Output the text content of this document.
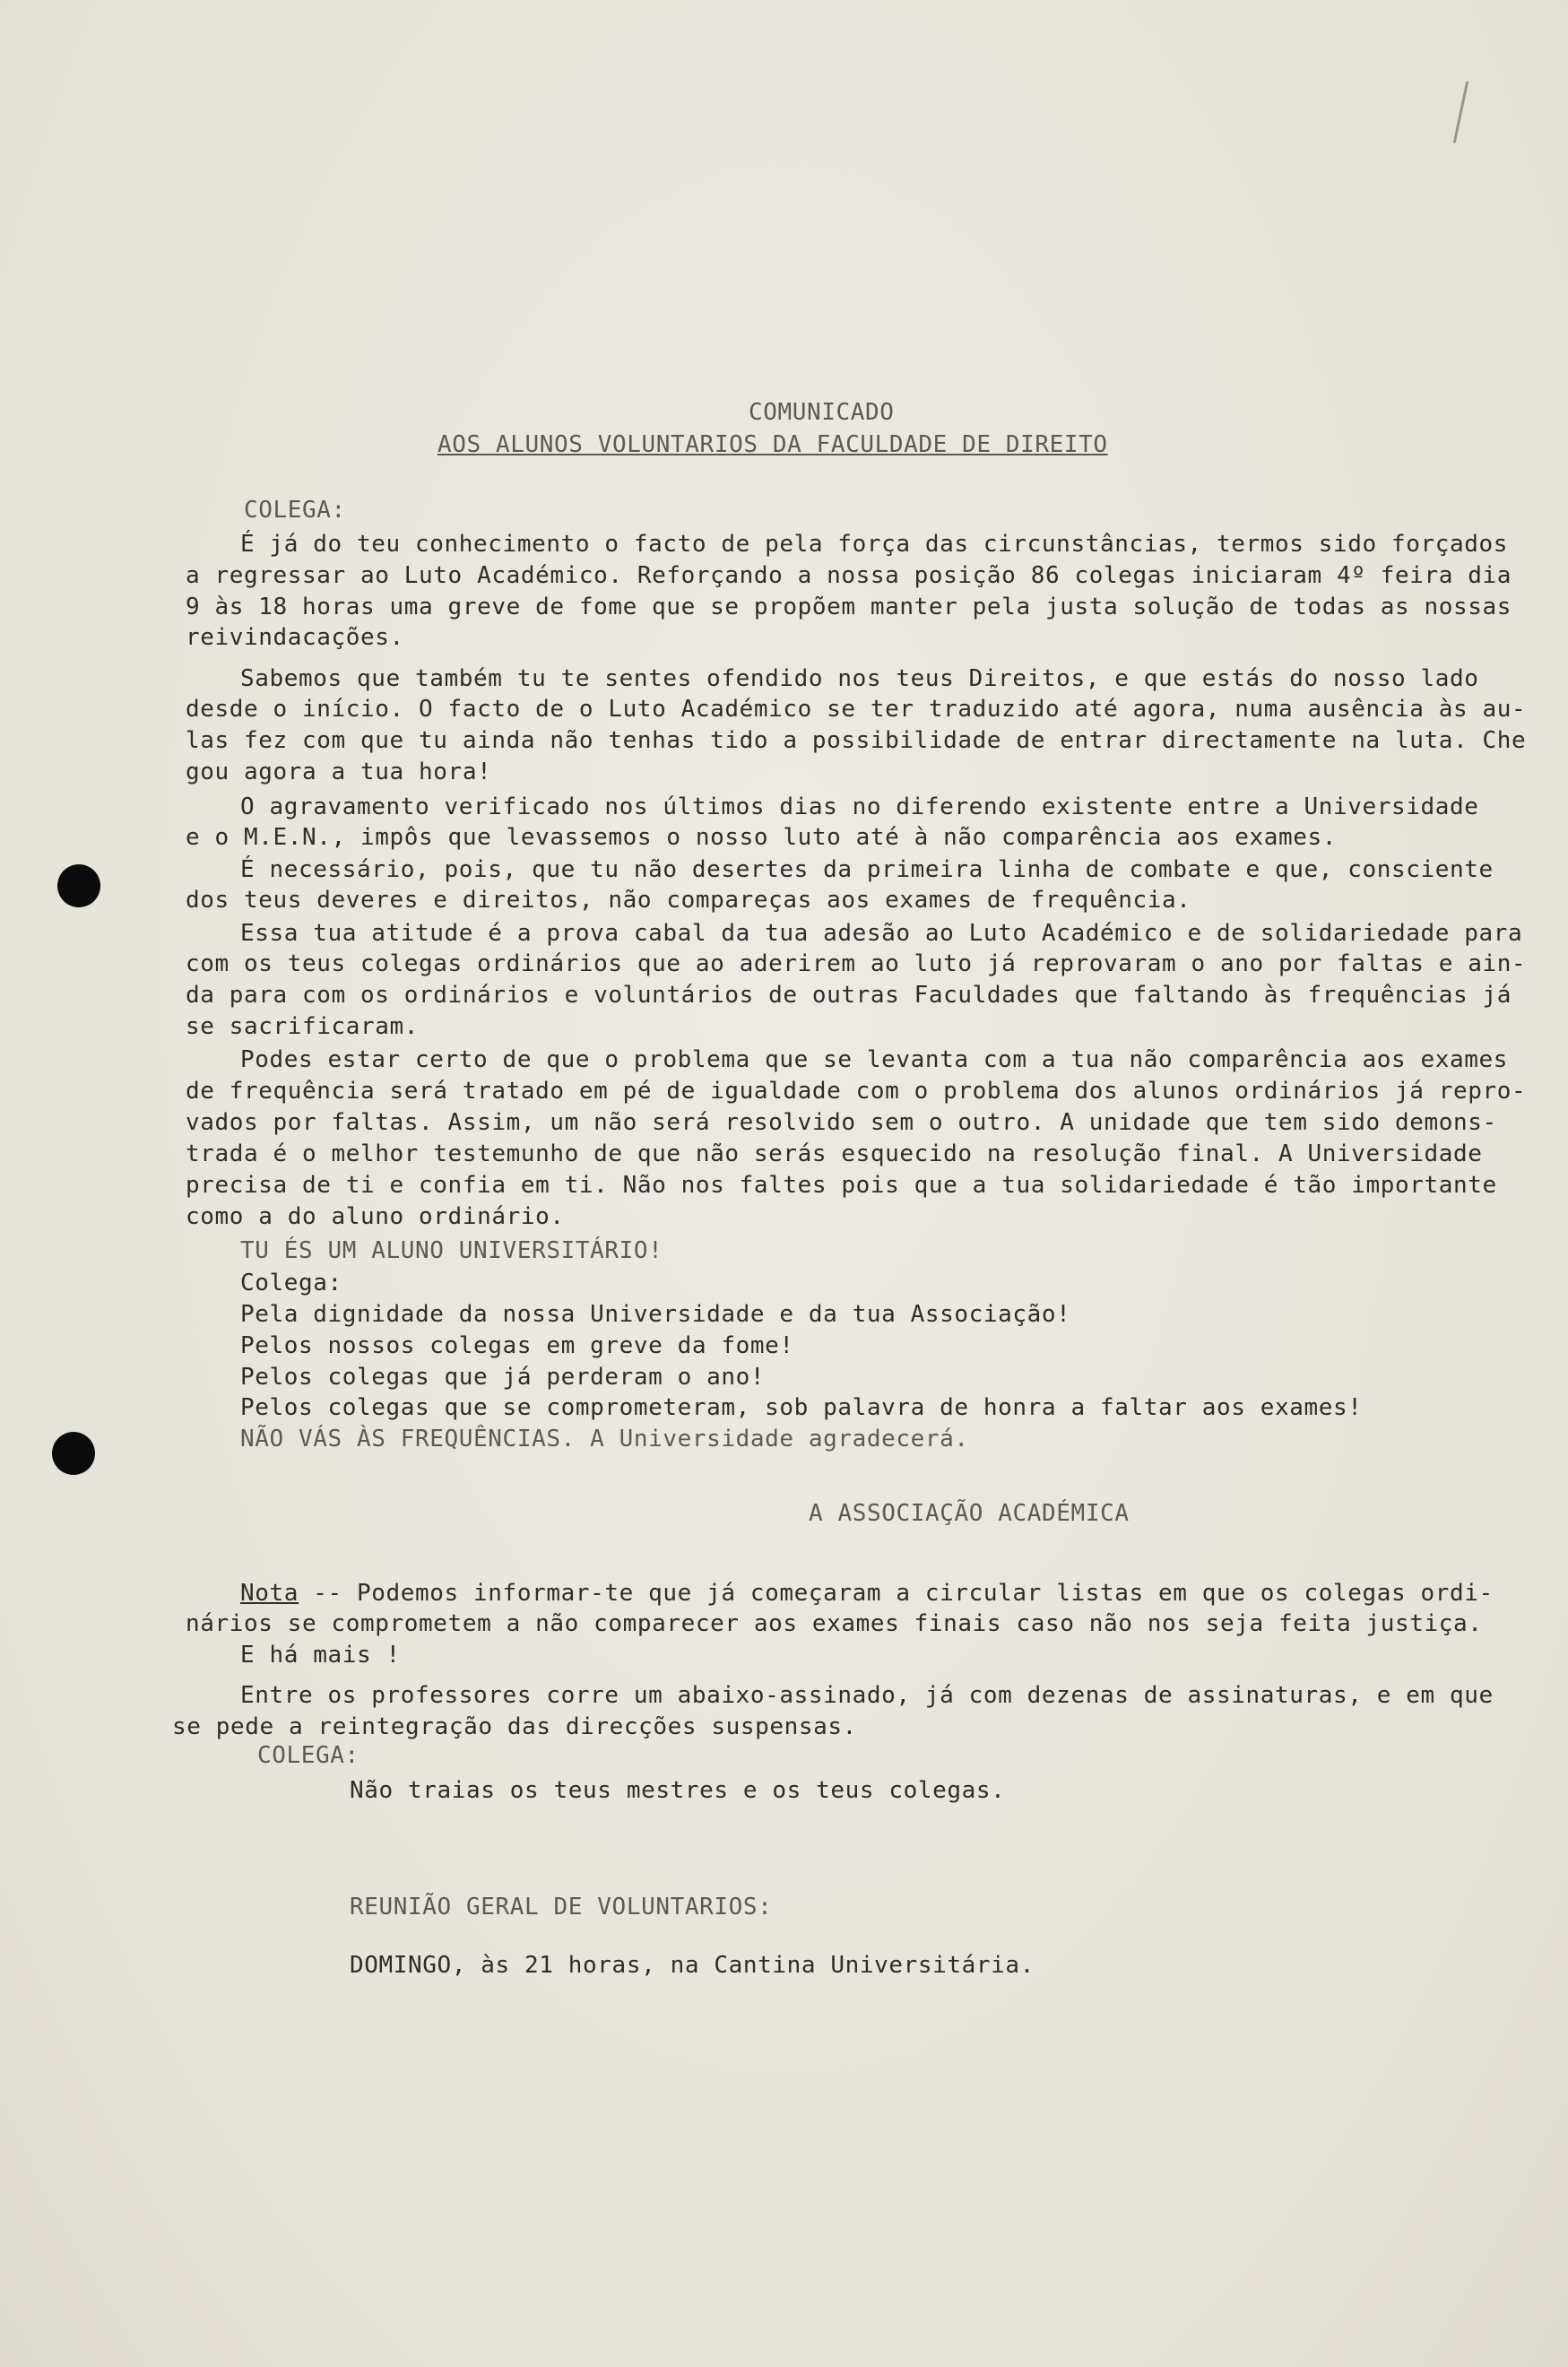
COMUNICADO
AOS ALUNOS VOLUNTARIOS DA FACULDADE DE DIREITO
COLEGA:
É já do teu conhecimento o facto de pela força das circunstâncias, termos sido forçados
a regressar ao Luto Académico. Reforçando a nossa posição 86 colegas iniciaram 4º feira dia
9 às 18 horas uma greve de fome que se propõem manter pela justa solução de todas as nossas
reivindacações.
Sabemos que também tu te sentes ofendido nos teus Direitos, e que estás do nosso lado
desde o início. O facto de o Luto Académico se ter traduzido até agora, numa ausência às au-
las fez com que tu ainda não tenhas tido a possibilidade de entrar directamente na luta. Che
gou agora a tua hora!
O agravamento verificado nos últimos dias no diferendo existente entre a Universidade
e o M.E.N., impôs que levassemos o nosso luto até à não comparência aos exames.
É necessário, pois, que tu não desertes da primeira linha de combate e que, consciente
dos teus deveres e direitos, não compareças aos exames de frequência.
Essa tua atitude é a prova cabal da tua adesão ao Luto Académico e de solidariedade para
com os teus colegas ordinários que ao aderirem ao luto já reprovaram o ano por faltas e ain-
da para com os ordinários e voluntários de outras Faculdades que faltando às frequências já
se sacrificaram.
Podes estar certo de que o problema que se levanta com a tua não comparência aos exames
de frequência será tratado em pé de igualdade com o problema dos alunos ordinários já repro-
vados por faltas. Assim, um não será resolvido sem o outro. A unidade que tem sido demons-
trada é o melhor testemunho de que não serás esquecido na resolução final. A Universidade
precisa de ti e confia em ti. Não nos faltes pois que a tua solidariedade é tão importante
como a do aluno ordinário.
TU ÉS UM ALUNO UNIVERSITÁRIO!
Colega:
Pela dignidade da nossa Universidade e da tua Associação!
Pelos nossos colegas em greve da fome!
Pelos colegas que já perderam o ano!
Pelos colegas que se comprometeram, sob palavra de honra a faltar aos exames!
NÃO VÁS ÀS FREQUÊNCIAS. A Universidade agradecerá.
A ASSOCIAÇÃO ACADÉMICA
Nota -- Podemos informar-te que já começaram a circular listas em que os colegas ordi-
nários se comprometem a não comparecer aos exames finais caso não nos seja feita justiça.
E há mais !
Entre os professores corre um abaixo-assinado, já com dezenas de assinaturas, e em que
se pede a reintegração das direcções suspensas.
COLEGA:
Não traias os teus mestres e os teus colegas.
REUNIÃO GERAL DE VOLUNTARIOS:
DOMINGO, às 21 horas, na Cantina Universitária.
